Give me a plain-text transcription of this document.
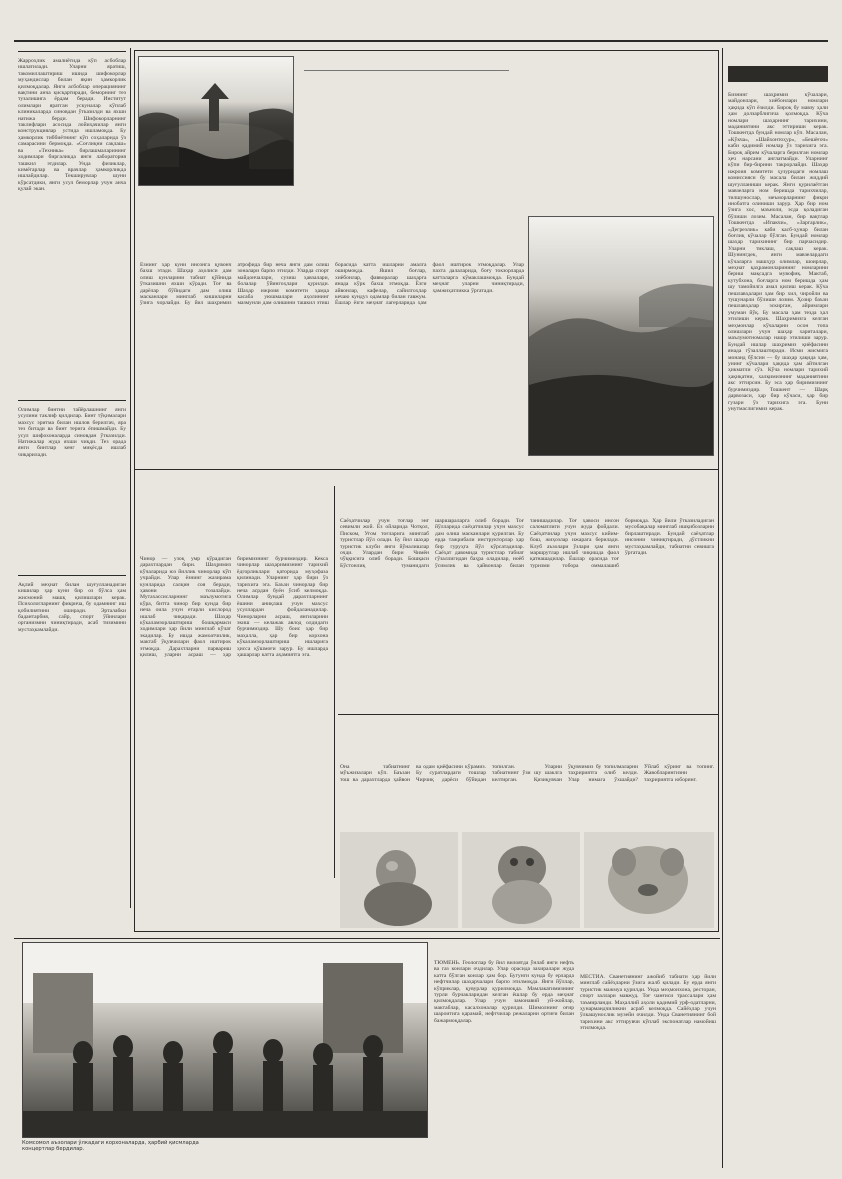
Жарроҳлик амалиётида кўп асбоблар ишлатилади. Уларни яратиш, такомиллаштириш ишида шифокорлар муҳандислар билан яқин ҳамкорлик қилмоқдалар. Янги асбоблар операциянинг вақтини анча қисқартиради, беморнинг тез тузалишига ёрдам беради. Институт олимлари яратган ускуналар кўплаб клиникаларда синовдан ўтказилди ва яхши натижа берди. Шифокорларнинг таклифлари асосида лойиҳачилар янги конструкциялар устида ишламоқда. Бу ҳамкорлик тиббиётнинг кўп соҳаларида ўз самарасини бермоқда. «Соғлиқни сақлаш» ва «Техника» бирлашмаларининг ходимлари биргаликда янги лаборатория ташкил этдилар. Унда физиклар, кимёгарлар ва врачлар ҳамкорликда ишлайдилар. Текширувлар шуни кўрсатдики, янги усул беморлар учун анча қулай экан.
Олимлар бинтни тайёрлашнинг янги усулини таклиф қилдилар. Бинт тўқималари махсус эритма билан ишлов берилгач, яра тез битади ва бинт терига ёпишмайди. Бу усул шифохоналарда синовдан ўтказилди. Натижалар жуда яхши чиқди. Тез орада янги бинтлар кенг миқёсда ишлаб чиқарилади.
Ақлий меҳнат билан шуғулланадиган кишилар ҳар куни бир оз бўлса ҳам жисмоний машқ қилишлари керак. Психологларнинг фикрича, бу одамнинг иш қобилиятини оширади. Эрталабки бадантарбия, сайр, спорт ўйинлари организмни чиниқтиради, асаб тизимини мустаҳкамлайди.
Ёзнинг ҳар куни инсонга қувонч бахш этади. Шаҳар аҳолиси дам олиш кунларини табиат қўйнида ўтказишни яхши кўради. Тоғ ва дарёлар бўйидаги дам олиш масканлари минглаб кишиларни ўзига чорлайди. Бу йил шаҳримиз атрофида бир неча янги дам олиш зоналари барпо этилди. Уларда спорт майдончалари, сузиш ҳавзалари, болалар ўйингоҳлари қурилди. Шаҳар ижроия комитети ҳамда касаба уюшмалари аҳолининг мазмунли дам олишини ташкил этиш борасида катта ишларни амалга оширмоқда. Яшил боғлар, хиёбонлар, фавворалар шаҳарга янада кўрк бахш этмоқда. Ёзги айвонлар, кафелар, сайилгоҳлар кечаю кундуз одамлар билан гавжум. Ёшлар ёзги меҳнат лагерларида ҳам фаол иштирок этмоқдалар. Улар пахта далаларида, боғу токзорларда катталарга кўмаклашмоқда. Бундай меҳнат уларни чиниқтиради, ҳамжиҳатликка ўргатади.
Чинор — узоқ умр кўрадиган дарахтлардан бири. Шаҳримиз кўчаларида юз йиллик чинорлар кўп учрайди. Улар ёзнинг жазирама кунларида салқин соя беради, ҳавони тозалайди. Мутахассисларнинг маълумотига кўра, битта чинор бир кунда бир неча оила учун етарли кислород ишлаб чиқаради. Шаҳар кўкаламзорлаштириш бошқармаси ходимлари ҳар йили минглаб кўчат экадилар. Бу ишда жамоатчилик, мактаб ўқувчилари фаол иштирок этмоқда. Дарахтларни парвариш қилиш, уларни асраш — ҳар биримизнинг бурчимиздир. Кекса чинорлар шаҳаримизнинг тарихий ёдгорликлари қаторида муҳофаза қилинади. Уларнинг ҳар бири ўз тарихига эга. Баъзи чинорлар бир неча асрдан буён ўсиб келмоқда. Олимлар бундай дарахтларнинг ёшини аниқлаш учун махсус усуллардан фойдаланадилар. Чинорларни асраш, янгиларини экиш — келажак авлод олдидаги бурчимиздир. Шу боис ҳар бир маҳалла, ҳар бир корхона кўкаламзорлаштириш ишларига ҳисса қўшмоғи зарур. Бу ишларда ҳашарлар катта аҳамиятга эга.
Саёҳатчилар учун тоғлар энг севимли жой. Ёз ойларида Чотқол, Писком, Угом тоғларига минглаб туристлар йўл олади. Бу йил шаҳар туристик клуби янги йўналишлар очди. Улардан бири Чимён чўққисига олиб боради. Бошқаси Бўстонлиқ туманидаги шаршараларга олиб боради. Тоғ йўлларида саёҳатчилар учун махсус дам олиш масканлари қурилган. Бу ерда тажрибали инструкторлар ҳар бир гуруҳга йўл кўрсатадилар. Саёҳат давомида туристлар табиат гўзаллигидан баҳра оладилар, ноёб ўсимлик ва ҳайвонлар билан танишадилар. Тоғ ҳавоси инсон саломатлиги учун жуда фойдали. Саёҳатчилар учун махсус кийим-бош, жиҳозлар ижарага берилади. Клуб аъзолари ўзлари ҳам янги маршрутлар ишлаб чиқишда фаол қатнашадилар. Ёшлар орасида тоғ туризми тобора оммалашиб бормоқда. Ҳар йили ўтказиладиган мусобақалар минглаб ишқибозларни бирлаштиради. Бундай саёҳатлар инсонни чиниқтиради, дўстликни мустаҳкамлайди, табиатни севишга ўргатади.
Она табиатнинг мўъжизалари кўп. Баъзан тош ва дарахтларда ҳайвон ва одам қиёфасини кўрамиз. Бу суратлардаги тошлар Чирчиқ дарёси бўйидан топилган. Уларни табиатнинг ўзи шу шаклга келтирган. Қизиқувчан ўқувчимиз бу топилмаларни таҳририятга олиб келди. Улар нимага ўхшайди? Ўйлаб кўринг ва топинг. Жавобларингизни таҳририятга юборинг.
Бизнинг шаҳримиз кўчалари, майдонлари, хиёбонлари номлари ҳақида кўп ёзилди. Бироқ бу мавзу ҳали ҳам долзарблигича қолмоқда. Кўча номлари шаҳарнинг тарихини, маданиятини акс эттириши керак. Тошкентда бундай номлар кўп. Масалан, «Кўкча», «Шайхонтоҳур», «Бешёғоч» каби қадимий номлар ўз тарихига эга. Бироқ айрим кўчаларга берилган номлар ҳеч нарсани англатмайди. Уларнинг кўпи бир-бирини такрорлайди. Шаҳар ижроия комитети ҳузуридаги номлаш комиссияси бу масала билан жиддий шуғулланиши керак. Янги қурилаётган мавзеларга ном беришда тарихчилар, тилшунослар, меъморларнинг фикри инобатга олиниши зарур. Ҳар бир ном ўзига хос, маъноли, эсда қоладиган бўлиши лозим. Масалан, бир вақтлар Тошкентда «Ипакчи», «Заргарлик», «Дегрезлик» каби касб-ҳунар билан боғлиқ кўчалар бўлган. Бундай номлар шаҳар тарихининг бир парчасидир. Уларни тиклаш, сақлаш керак. Шунингдек, янги мавзелардаги кўчаларга машҳур олимлар, шоирлар, меҳнат қаҳрамонларининг номларини бериш мақсадга мувофиқ. Мактаб, кутубхона, боғларга ном беришда ҳам шу тамойилга амал қилиш керак. Кўча пешлавҳалари ҳам бир хил, чиройли ва тушунарли бўлиши лозим. Ҳозир баъзи пешлавҳалар эскирган, айримлари умуман йўқ. Бу масала ҳам тезда ҳал этилиши керак. Шаҳримизга келган меҳмонлар кўчаларни осон топа олишлари учун шаҳар хариталари, маълумотномалар нашр этилиши зарур. Бундай ишлар шаҳримиз қиёфасини янада гўзаллаштиради. Исми жисмига монанд бўлсин — бу шаҳар ҳақида ҳам, унинг кўчалари ҳақида ҳам айтилган ҳикматли сўз. Кўча номлари тарихий ҳақиқатни, халқимизнинг маданиятини акс эттирсин. Бу эса ҳар биримизнинг бурчимиздир. Тошкент — Шарқ дарвозаси, ҳар бир кўчаси, ҳар бир гузари ўз тарихига эга. Буни унутмаслигимиз керак.
Комсомол аъзолари ўлкадаги корхоналарда, ҳарбий қисмларда концертлар бердилар.
ТЮМЕНЬ. Геологлар бу йил вилоятда ўнлаб янги нефть ва газ конлари очдилар. Улар орасида захиралари жуда катта бўлган конлар ҳам бор. Бугунги кунда бу ерларда нефтчилар шаҳарчалари барпо этилмоқда. Янги йўллар, кўприклар, қувурлар қурилмоқда. Мамлакатимизнинг турли бурчакларидан келган ёшлар бу ерда меҳнат қилмоқдалар. Улар учун замонавий уй-жойлар, мактаблар, касалхоналар қурилди. Шимолнинг оғир шароитига қарамай, нефтчилар режаларни ортиғи билан бажармоқдалар.
МЕСТИА. Сванетиянинг ажойиб табиати ҳар йили минглаб сайёҳларни ўзига жалб қилади. Бу ерда янги туристик мажмуа қурилди. Унда меҳмонхона, ресторан, спорт заллари мавжуд. Тоғ чанғиси трассалари ҳам таъмирланди. Маҳаллий аҳоли қадимий урф-одатларни, ҳунармандчиликни асраб келмоқда. Сайёҳлар учун ўлкашунослик музейи очилди. Унда Сванетиянинг бой тарихини акс эттирувчи кўплаб экспонатлар намойиш этилмоқда.
